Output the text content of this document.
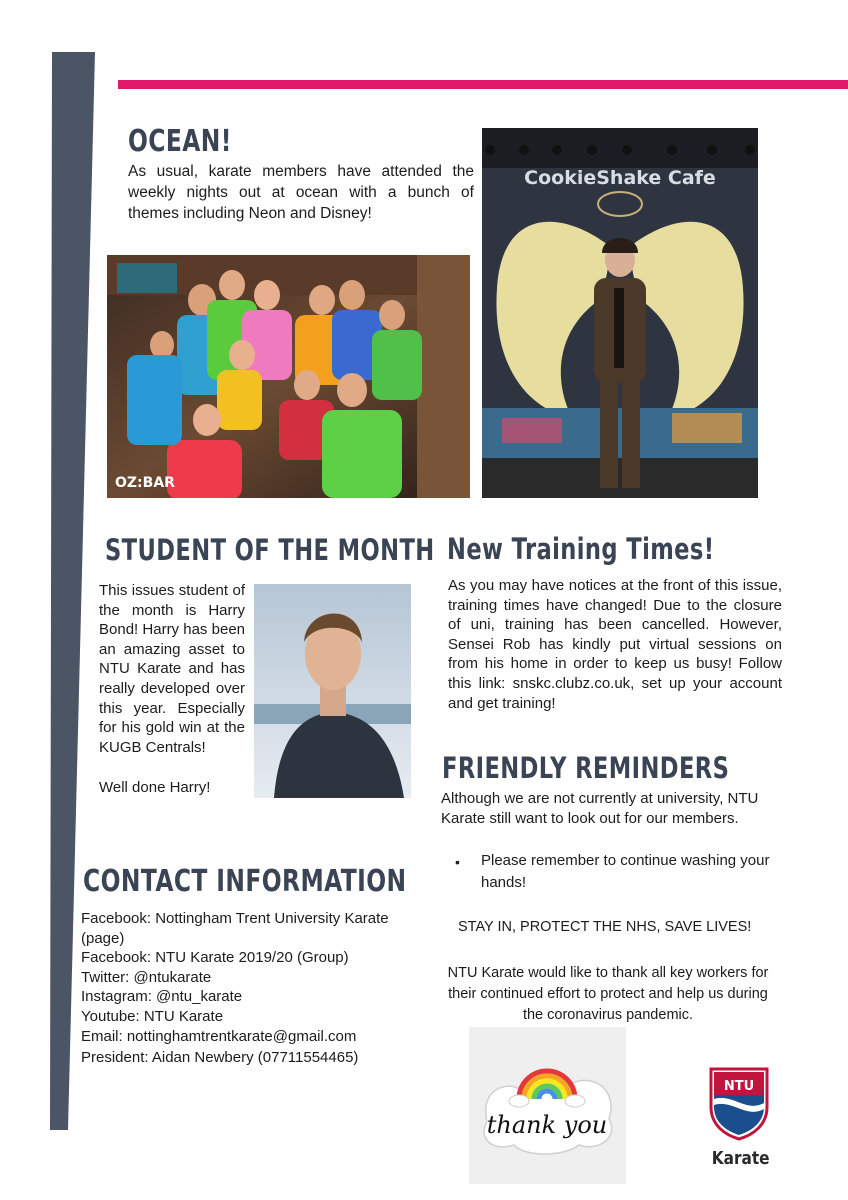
OCEAN!
As usual, karate members have attended the weekly nights out at ocean with a bunch of themes including Neon and Disney!
OZ:BAR
CookieShake Cafe
STUDENT OF THE MONTH
This issues student of the month is Harry Bond! Harry has been an amazing asset to NTU Karate and has really developed over this year. Especially for his gold win at the KUGB Centrals!
Well done Harry!
New Training Times!
As you may have notices at the front of this issue, training times have changed! Due to the closure of uni, training has been cancelled. However, Sensei Rob has kindly put virtual sessions on from his home in order to keep us busy! Follow this link: snskc.clubz.co.uk, set up your account and get training!
FRIENDLY REMINDERS
Although we are not currently at university, NTU Karate still want to look out for our members.
• Please remember to continue washing your hands!
STAY IN, PROTECT THE NHS, SAVE LIVES!
NTU Karate would like to thank all key workers for their continued effort to protect and help us during the coronavirus pandemic.
CONTACT INFORMATION
Facebook: Nottingham Trent University Karate (page)
Facebook: NTU Karate 2019/20 (Group)
Twitter: @ntukarate
Instagram: @ntu_karate
Youtube: NTU Karate
Email: nottinghamtrentkarate@gmail.com
President: Aidan Newbery (07711554465)
thank you
NTU
Karate
